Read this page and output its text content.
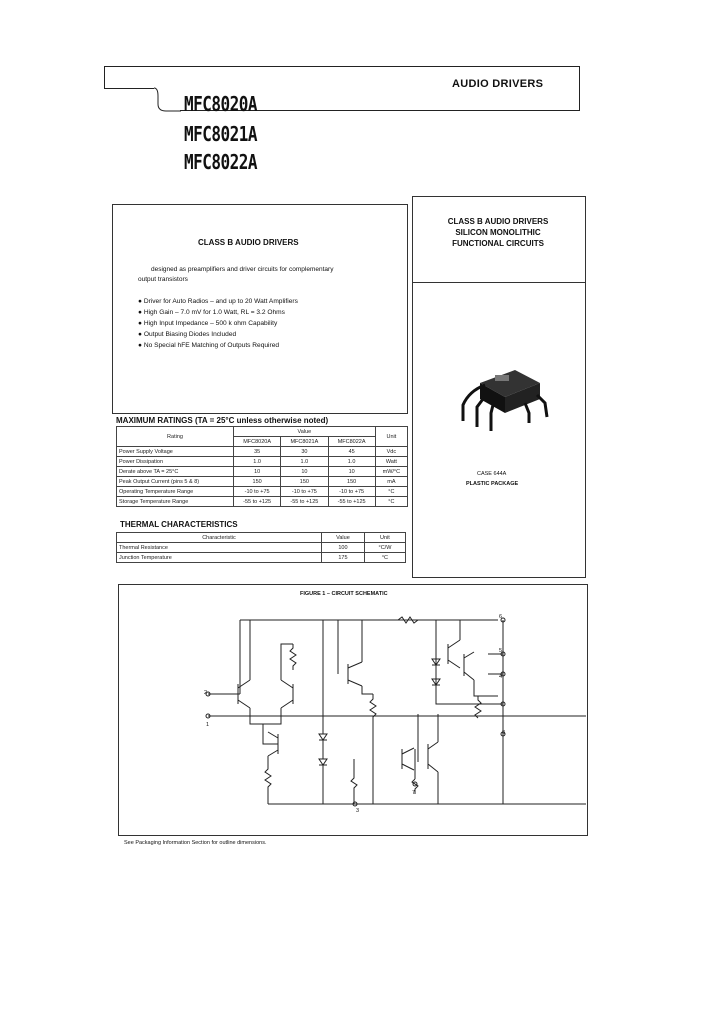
AUDIO DRIVERS
MFC8020A
MFC8021A
MFC8022A
CLASS B AUDIO DRIVERS
designed as preamplifiers and driver circuits for complementary
output transistors
● Driver for Auto Radios – and up to 20 Watt Amplifiers
● High Gain – 7.0 mV for 1.0 Watt, RL = 3.2 Ohms
● High Input Impedance – 500 k ohm Capability
● Output Biasing Diodes Included
● No Special hFE Matching of Outputs Required
CLASS B AUDIO DRIVERS
SILICON MONOLITHIC
FUNCTIONAL CIRCUITS
CASE 644A
PLASTIC PACKAGE
MAXIMUM RATINGS (TA = 25°C unless otherwise noted)
Rating	Value			Unit
	MFC8020A	MFC8021A	MFC8022A	
Power Supply Voltage	35	30	45	Vdc
Power Dissipation	1.0	1.0	1.0	Watt
Derate above TA = 25°C	10	10	10	mW/°C
Peak Output Current (pins 5 & 8)	150	150	150	mA
Operating Temperature Range	-10 to +75	-10 to +75	-10 to +75	°C
Storage Temperature Range	-55 to +125	-55 to +125	-55 to +125	°C
THERMAL CHARACTERISTICS
Characteristic	Value	Unit
Thermal Resistance	100	°C/W
Junction Temperature	175	°C
FIGURE 1 – CIRCUIT SCHEMATIC
6
5
4
8
2
1
3
7
See Packaging Information Section for outline dimensions.
